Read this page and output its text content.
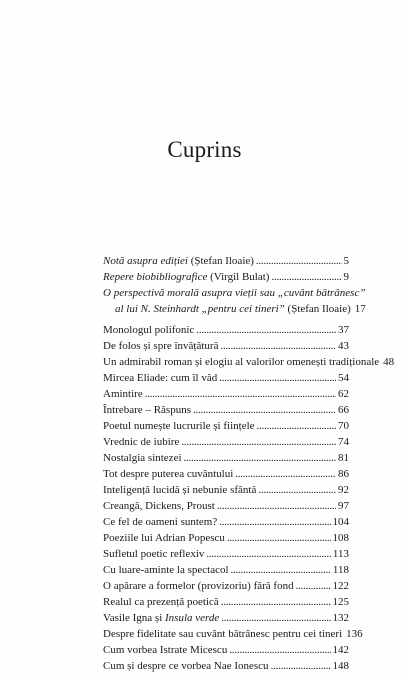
Cuprins
Notă asupra ediției (Ștefan Iloaie) . . .	5
Repere biobibliografice (Virgil Bulat) . . .	9
O perspectivă morală asupra vieții sau „cuvânt bătrânesc”
al lui N. Steinhardt „pentru cei tineri” (Ștefan Iloaie) 17
Monologul polifonic . . .	37
De folos și spre învățătură . . .	43
Un admirabil roman și elogiu al valorilor omenești tradiționale 48
Mircea Eliade: cum îl văd . . .	54
Amintire . . .	62
Întrebare – Răspuns . . .	66
Poetul numește lucrurile și ființele . . .	70
Vrednic de iubire . . .	74
Nostalgia sintezei . . .	81
Tot despre puterea cuvântului . . .	86
Inteligență lucidă și nebunie sfântă . . .	92
Creangă, Dickens, Proust . . .	97
Ce fel de oameni suntem? . . .	104
Poeziile lui Adrian Popescu . . .	108
Sufletul poetic reflexiv . . .	113
Cu luare-aminte la spectacol . . .	118
O apărare a formelor (provizoriu) fără fond . . .	122
Realul ca prezență poetică . . .	125
Vasile Igna și Insula verde . . .	132
Despre fidelitate sau cuvânt bătrânesc pentru cei tineri 136
Cum vorbea Istrate Micescu . . .	142
Cum și despre ce vorbea Nae Ionescu . . .	148
